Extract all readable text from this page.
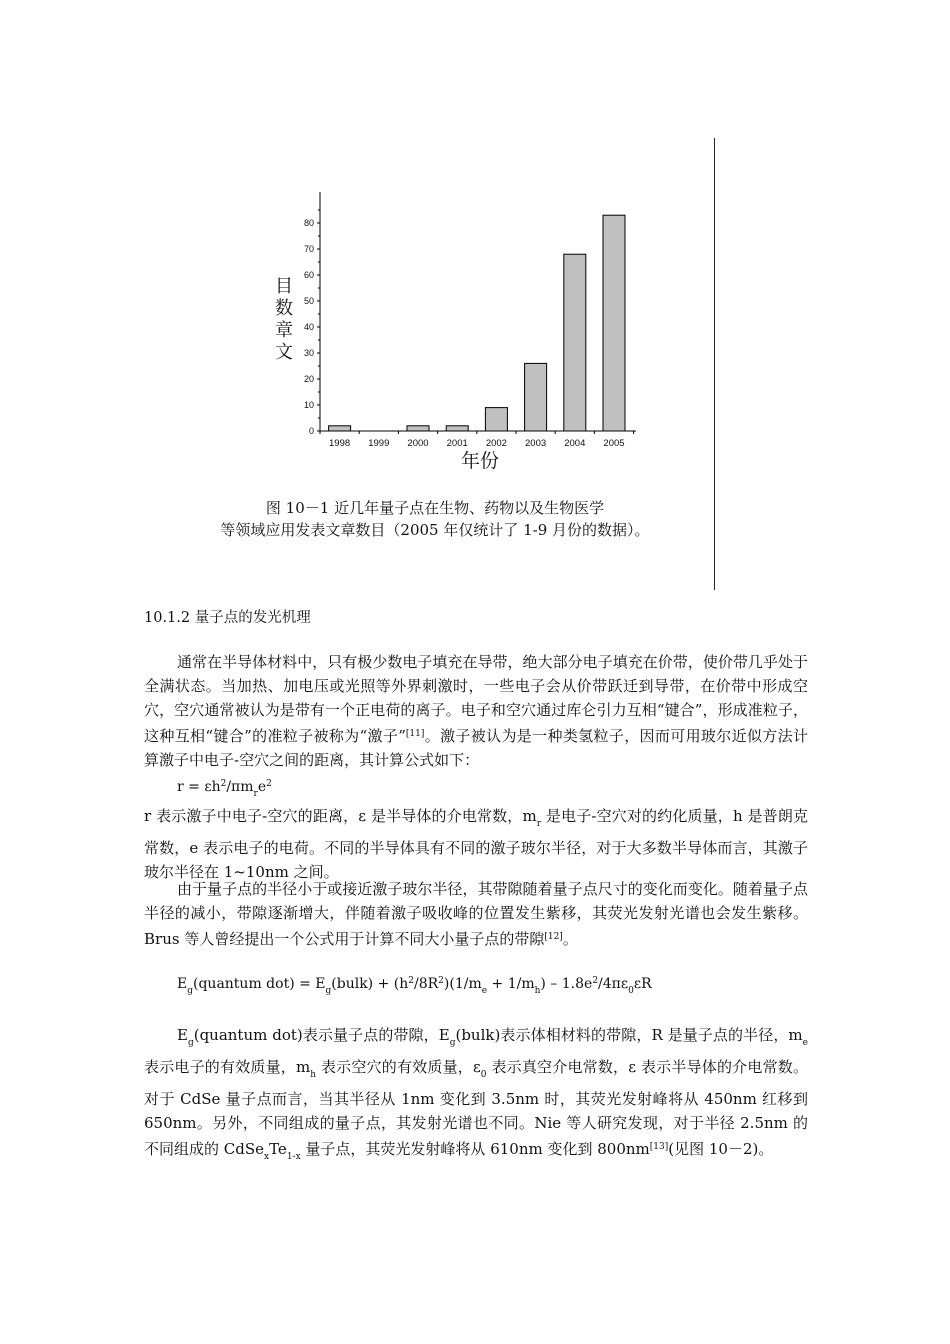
0
10
20
30
40
50
60
70
80
1998 1999 2000 2001 2002 2003 2004 2005
年份
目数章文
图 10－1 近几年量子点在生物、药物以及生物医学
等领域应用发表文章数目（2005 年仅统计了 1-9 月份的数据）。
10.1.2 量子点的发光机理

通常在半导体材料中，只有极少数电子填充在导带，绝大部分电子填充在价带，使价带几乎处于全满状态。当加热、加电压或光照等外界刺激时，一些电子会从价带跃迁到导带，在价带中形成空穴，空穴通常被认为是带有一个正电荷的离子。电子和空穴通过库仑引力互相“键合”，形成准粒子，这种互相“键合”的准粒子被称为“激子”[11]。激子被认为是一种类氢粒子，因而可用玻尔近似方法计算激子中电子-空穴之间的距离，其计算公式如下：

$r = \varepsilon h^2/\pi m_re^2$

r 表示激子中电子-空穴的距离，ε 是半导体的介电常数，$m_r$ 是电子-空穴对的约化质量，h 是普朗克常数，e 表示电子的电荷。不同的半导体具有不同的激子玻尔半径，对于大多数半导体而言，其激子玻尔半径在 1~10nm 之间。

由于量子点的半径小于或接近激子玻尔半径，其带隙随着量子点尺寸的变化而变化。随着量子点半径的减小，带隙逐渐增大，伴随着激子吸收峰的位置发生紫移，其荧光发射光谱也会发生紫移。Brus 等人曾经提出一个公式用于计算不同大小量子点的带隙[12]。

$E_g(quantum$ $dot) = E_g(bulk) + (h^2/8R^2)(1/m_e + 1/m_h) - 1.8e^2/4\pi\varepsilon_0\varepsilon R$

$E_g(quantum$ dot)表示量子点的带隙，$E_g(bulk)$表示体相材料的带隙，R 是量子点的半径，$m_e$ 表示电子的有效质量，$m_h$ 表示空穴的有效质量，$\varepsilon_0$ 表示真空介电常数，ε 表示半导体的介电常数。对于 CdSe 量子点而言，当其半径从 1nm 变化到 3.5nm 时，其荧光发射峰将从 450nm 红移到 650nm。另外，不同组成的量子点，其发射光谱也不同。Nie 等人研究发现，对于半径 2.5nm 的不同组成的 $CdSe_xTe_{1-x}$ 量子点，其荧光发射峰将从 610nm 变化到 800nm[13](见图 10－2)。
